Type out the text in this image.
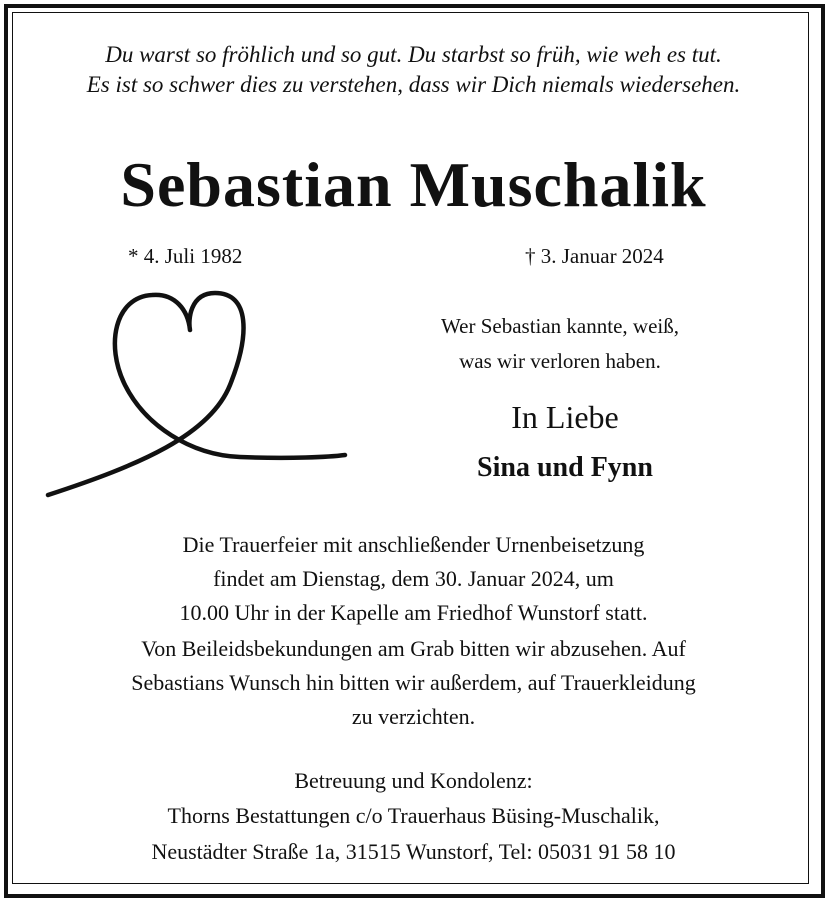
Du warst so fröhlich und so gut. Du starbst so früh, wie weh es tut.
Es ist so schwer dies zu verstehen, dass wir Dich niemals wiedersehen.
Sebastian Muschalik
* 4. Juli 1982	† 3. Januar 2024
Wer Sebastian kannte, weiß,
was wir verloren haben.
In Liebe
Sina und Fynn
Die Trauerfeier mit anschließender Urnenbeisetzung
findet am Dienstag, dem 30. Januar 2024, um
10.00 Uhr in der Kapelle am Friedhof Wunstorf statt.
Von Beileidsbekundungen am Grab bitten wir abzusehen. Auf
Sebastians Wunsch hin bitten wir außerdem, auf Trauerkleidung
zu verzichten.
Betreuung und Kondolenz:
Thorns Bestattungen c/o Trauerhaus Büsing-Muschalik,
Neustädter Straße 1a, 31515 Wunstorf, Tel: 05031 91 58 10
